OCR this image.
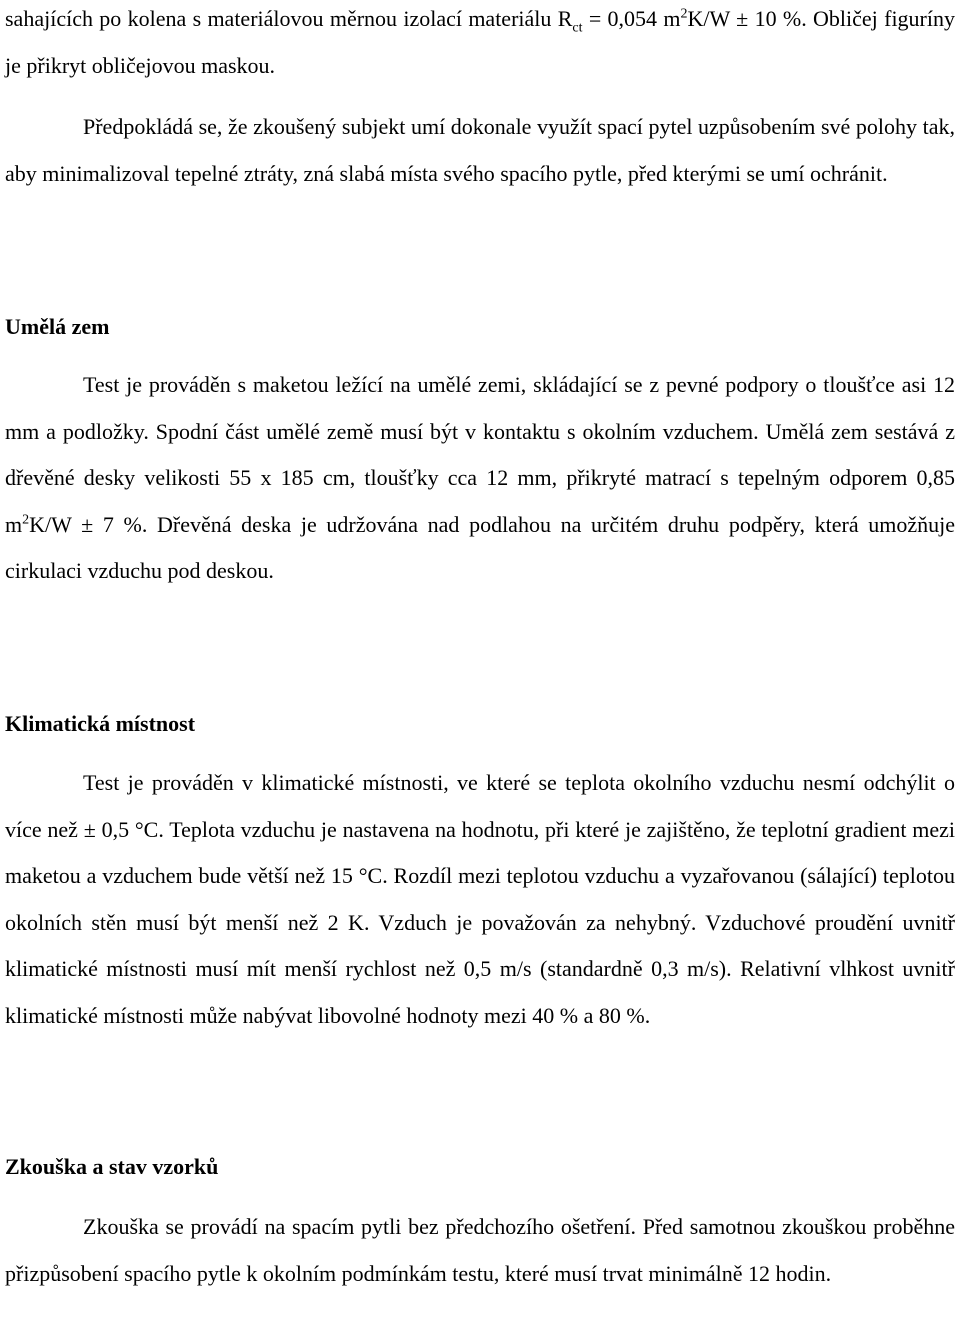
sahajících po kolena s materiálovou měrnou izolací materiálu $R_{ct} = 0,054$ $m^2K/W \pm 10$ %. Obličej figuríny je přikryt obličejovou maskou.

Předpokládá se, že zkoušený subjekt umí dokonale využít spací pytel uzpůsobením své polohy tak, aby minimalizoval tepelné ztráty, zná slabá místa svého spacího pytle, před kterými se umí ochránit.

Umělá zem

Test je prováděn s maketou ležící na umělé zemi, skládající se z pevné podpory o tloušťce asi 12 mm a podložky. Spodní část umělé země musí být v kontaktu s okolním vzduchem. Umělá zem sestává z dřevěné desky velikosti 55 x 185 cm, tloušťky cca 12 mm, přikryté matrací s tepelným odporem 0,85 $m^2K/W \pm 7$ %. Dřevěná deska je udržována nad podlahou na určitém druhu podpěry, která umožňuje cirkulaci vzduchu pod deskou.

Klimatická místnost

Test je prováděn v klimatické místnosti, ve které se teplota okolního vzduchu nesmí odchýlit o více než ± 0,5 °C. Teplota vzduchu je nastavena na hodnotu, při které je zajištěno, že teplotní gradient mezi maketou a vzduchem bude větší než 15 °C. Rozdíl mezi teplotou vzduchu a vyzařovanou (sálající) teplotou okolních stěn musí být menší než 2 K. Vzduch je považován za nehybný. Vzduchové proudění uvnitř klimatické místnosti musí mít menší rychlost než 0,5 m/s (standardně 0,3 m/s). Relativní vlhkost uvnitř klimatické místnosti může nabývat libovolné hodnoty mezi 40 % a 80 %.

Zkouška a stav vzorků

Zkouška se provádí na spacím pytli bez předchozího ošetření. Před samotnou zkouškou proběhne přizpůsobení spacího pytle k okolním podmínkám testu, které musí trvat minimálně 12 hodin.
